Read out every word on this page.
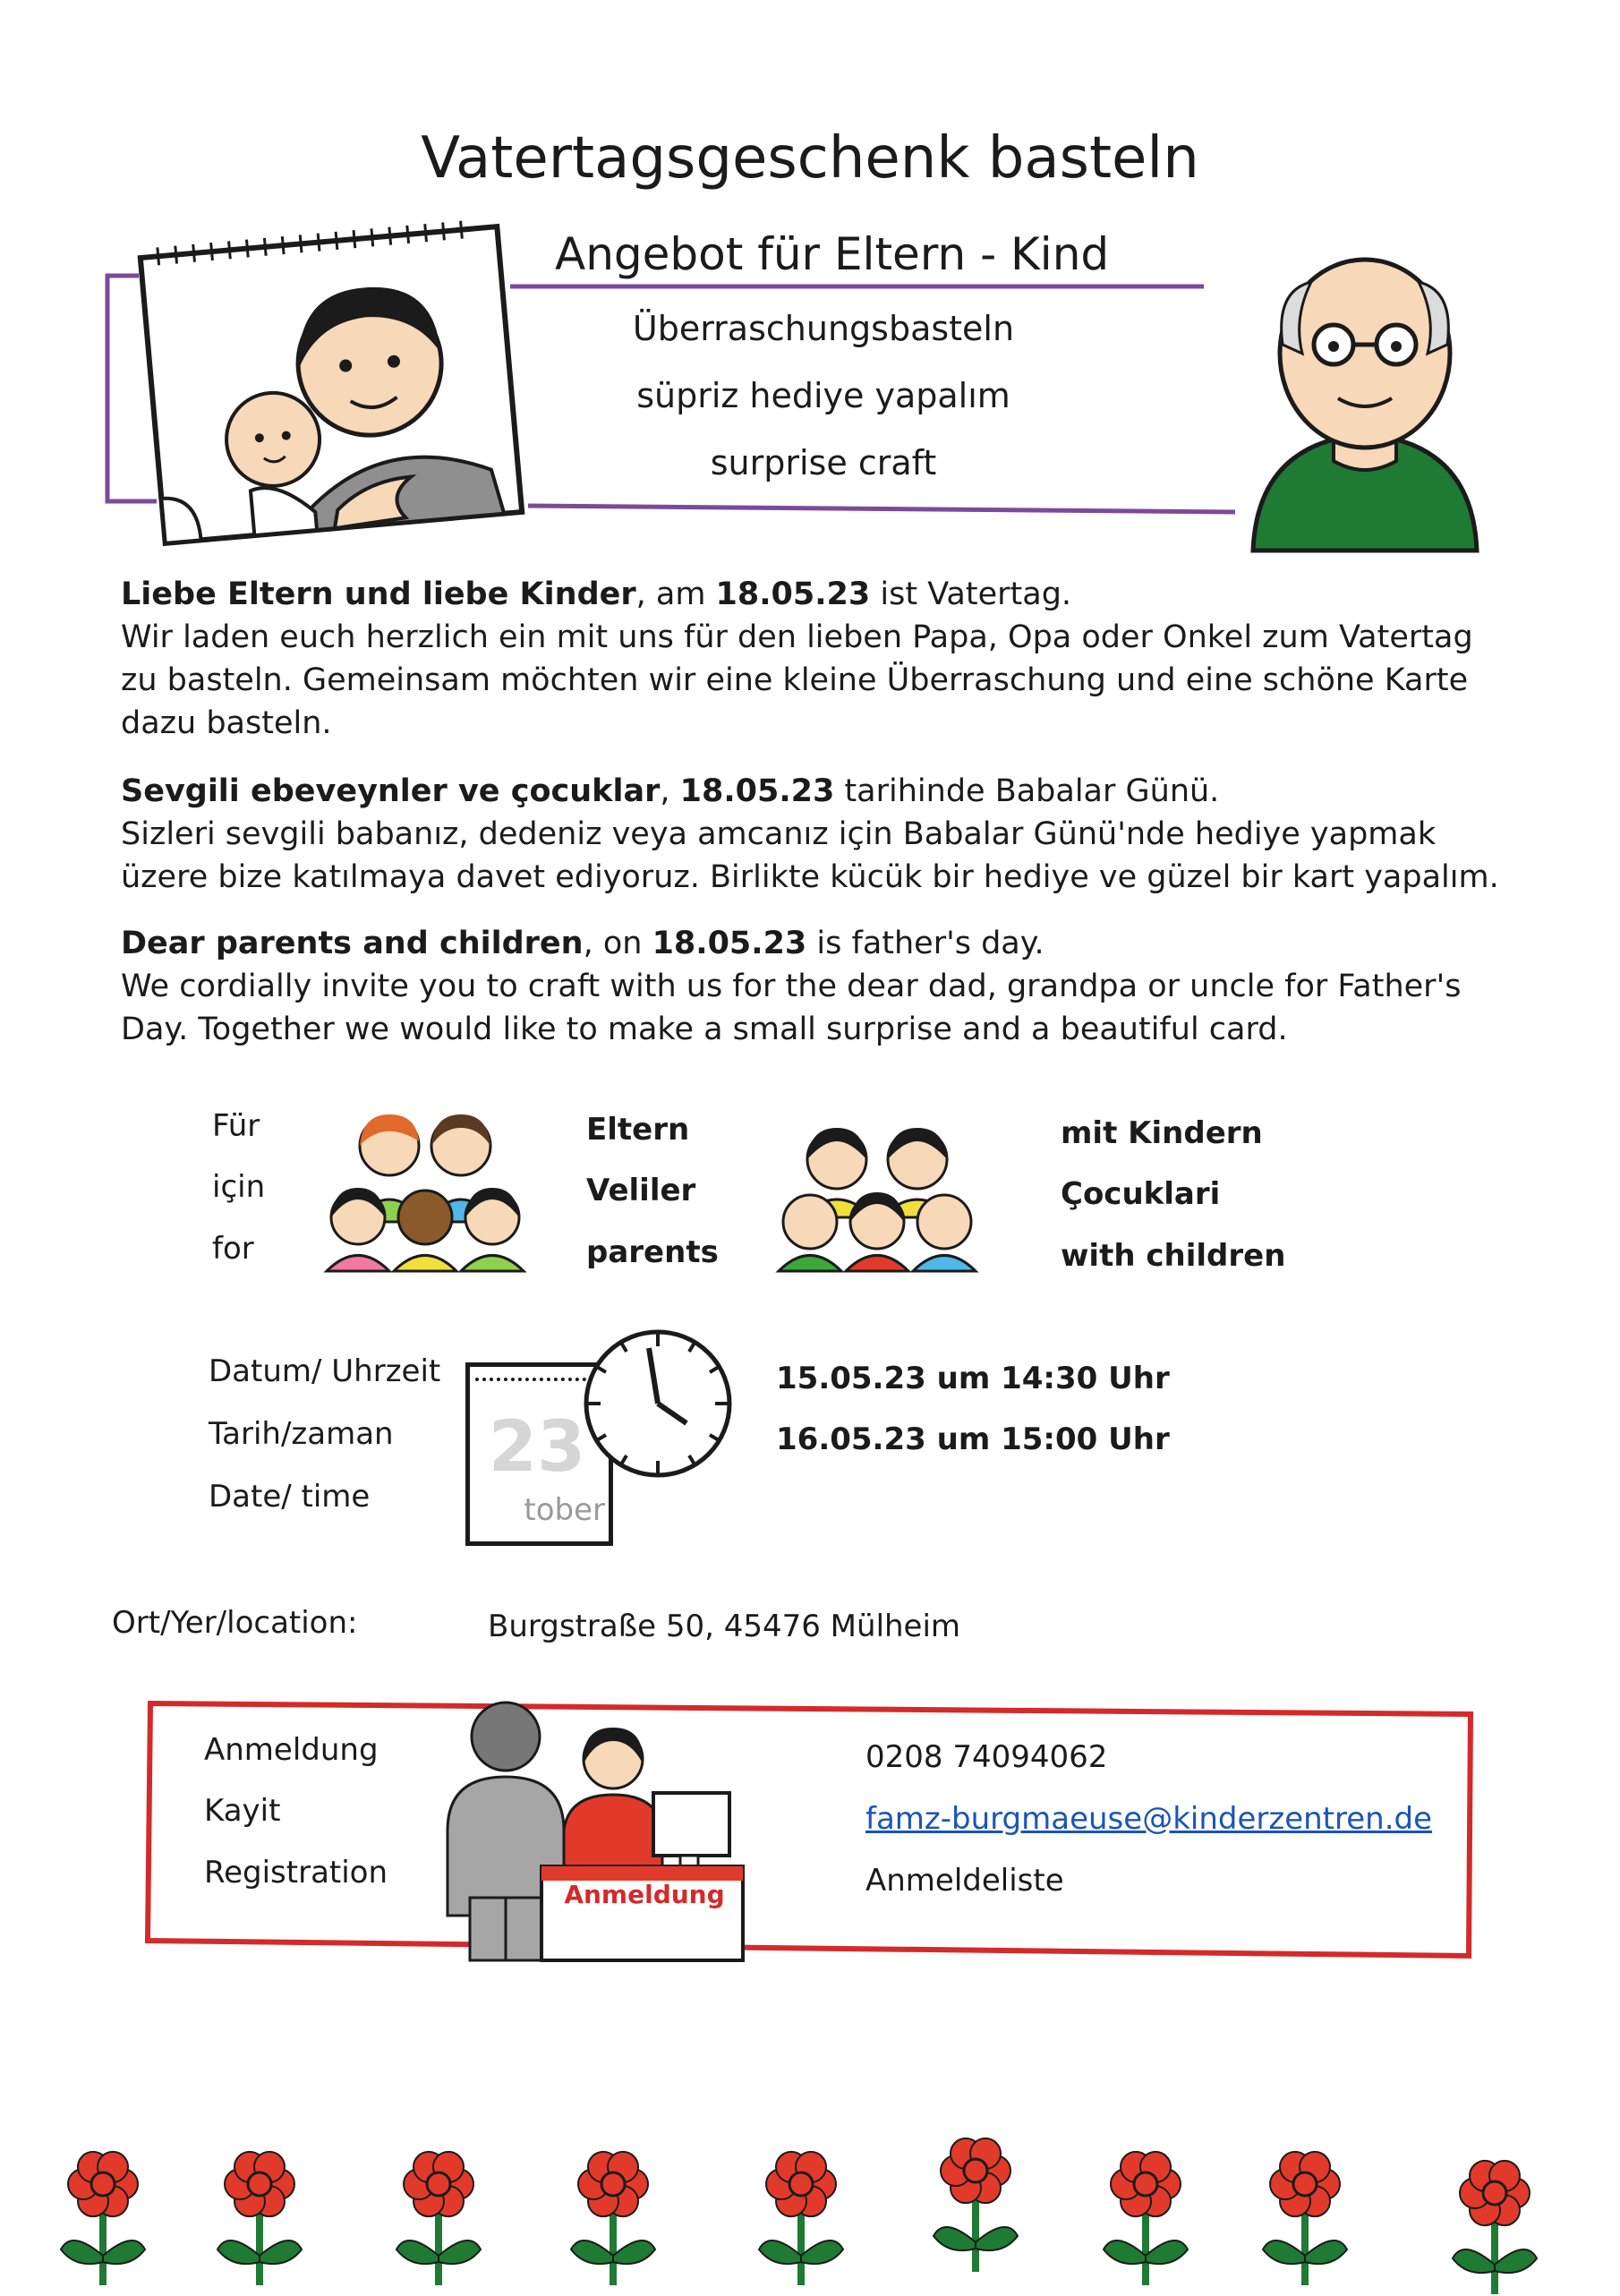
Vatertagsgeschenk basteln
Angebot für Eltern - Kind
Überraschungsbasteln
süpriz hediye yapalım
surprise craft
Liebe Eltern und liebe Kinder, am 18.05.23 ist Vatertag.
Wir laden euch herzlich ein mit uns für den lieben Papa, Opa oder Onkel zum Vatertag zu basteln. Gemeinsam möchten wir eine kleine Überraschung und eine schöne Karte dazu basteln.
Sevgili ebeveynler ve çocuklar, 18.05.23 tarihinde Babalar Günü.
Sizleri sevgili babanız, dedeniz veya amcanız için Babalar Günü'nde hediye yapmak üzere bize katılmaya davet ediyoruz. Birlikte kücük bir hediye ve güzel bir kart yapalım.
Dear parents and children, on 18.05.23 is father's day.
We cordially invite you to craft with us for the dear dad, grandpa or uncle for Father's Day. Together we would like to make a small surprise and a beautiful card.
Für
için
for
Eltern
Veliler
parents
mit Kindern
Çocuklari
with children
Datum/ Uhrzeit
Tarih/zaman
Date/ time
23
tober
15.05.23 um 14:30 Uhr
16.05.23 um 15:00 Uhr
Ort/Yer/location:	Burgstraße 50, 45476 Mülheim
Anmeldung
Kayit
Registration
Anmeldung
0208 74094062
famz-burgmaeuse@kinderzentren.de
Anmeldeliste
